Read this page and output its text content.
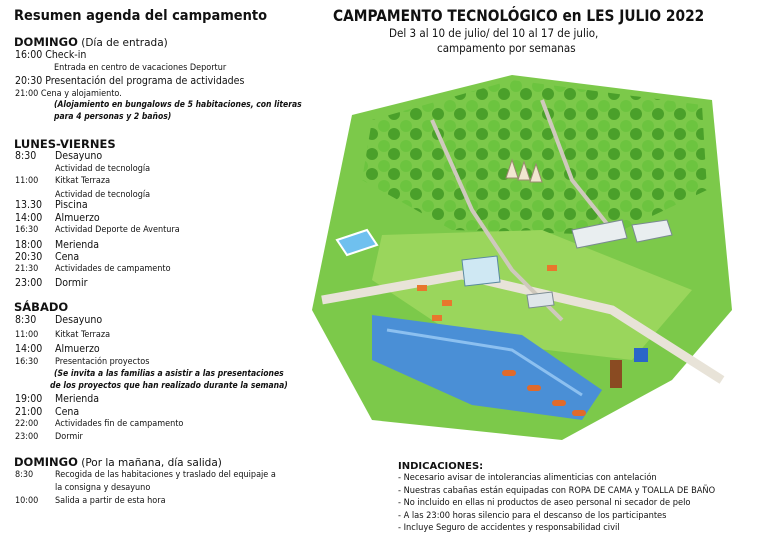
Resumen agenda del campamento
DOMINGO (Día de entrada)
16:00 Check-in
Entrada en centro de vacaciones Deportur
20:30 Presentación del programa de actividades
21:00 Cena y alojamiento.
(Alojamiento en bungalows de 5 habitaciones, con literas
para 4 personas y 2 baños)
LUNES-VIERNES
8:30 Desayuno
Actividad de tecnología
11:00 Kitkat Terraza
Actividad de tecnología
13.30 Piscina
14:00 Almuerzo
16:30 Actividad Deporte de Aventura
18:00 Merienda
20:30 Cena
21:30 Actividades de campamento
23:00 Dormir
SÁBADO
8:30 Desayuno
11:00 Kitkat Terraza
14:00 Almuerzo
16:30 Presentación proyectos
(Se invita a las familias a asistir a las presentaciones
de los proyectos que han realizado durante la semana)
19:00 Merienda
21:00 Cena
22:00 Actividades fin de campamento
23:00 Dormir
DOMINGO (Por la mañana, día salida)
8:30 Recogida de las habitaciones y traslado del equipaje a
la consigna y desayuno
10:00 Salida a partir de esta hora
CAMPAMENTO TECNOLÓGICO en LES JULIO 2022
Del 3 al 10 de julio/ del 10 al 17 de julio,
campamento por semanas
INDICACIONES:
- Necesario avisar de intolerancias alimenticias con antelación
- Nuestras cabañas están equipadas con ROPA DE CAMA y TOALLA DE BAÑO
- No incluido en ellas ni productos de aseo personal ni secador de pelo
- A las 23:00 horas silencio para el descanso de los participantes
- Incluye Seguro de accidentes y responsabilidad civil
